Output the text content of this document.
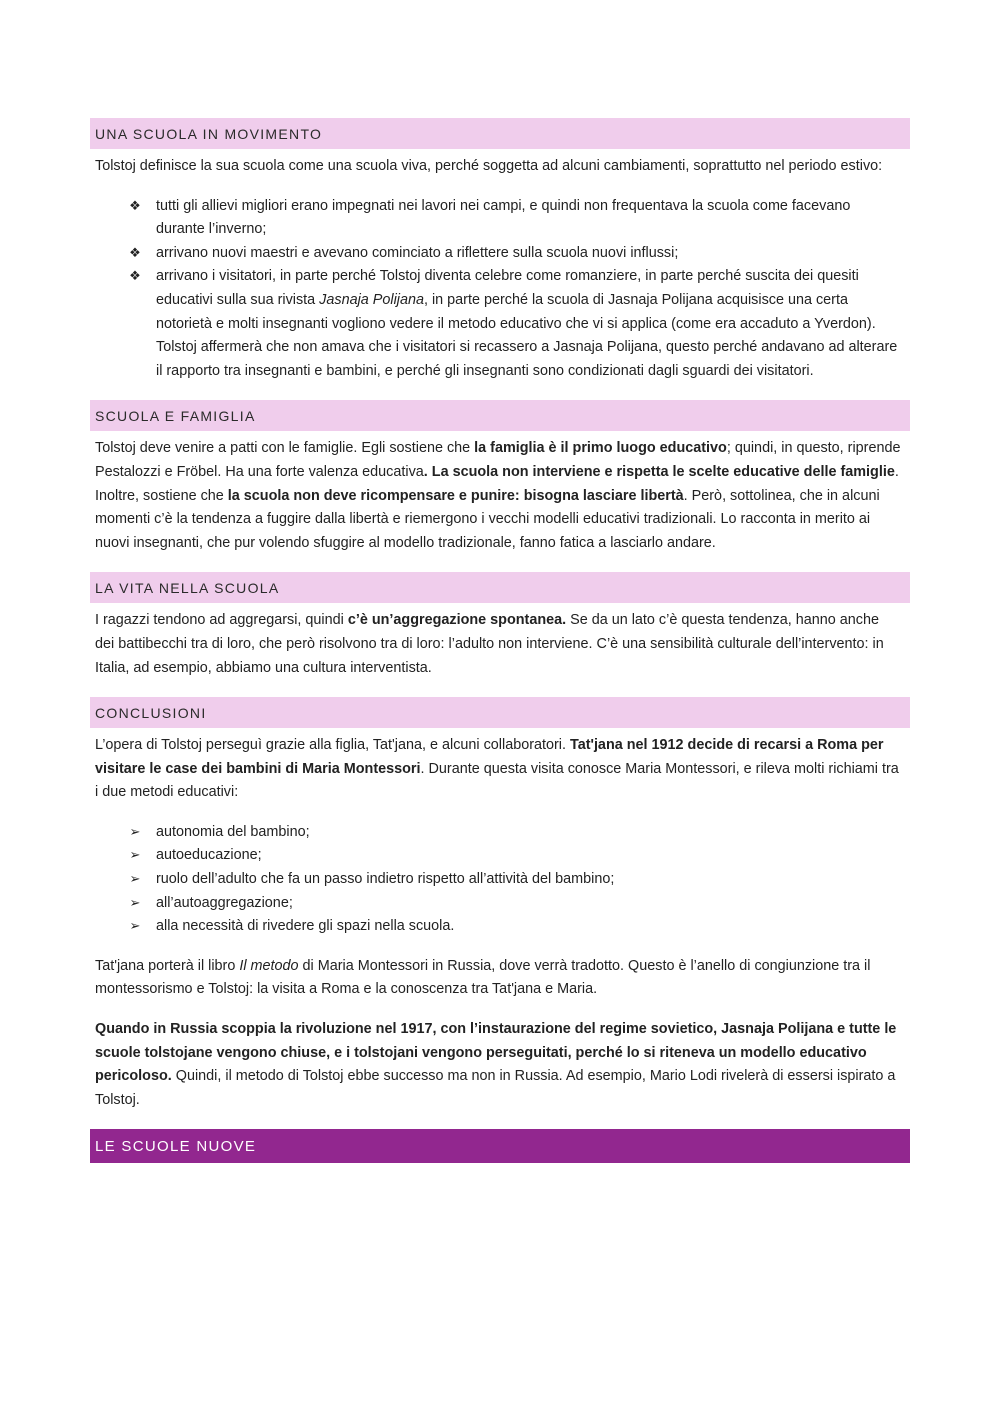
UNA SCUOLA IN MOVIMENTO

Tolstoj definisce la sua scuola come una scuola viva, perché soggetta ad alcuni cambiamenti, soprattutto nel periodo estivo:

❖ tutti gli allievi migliori erano impegnati nei lavori nei campi, e quindi non frequentava la scuola come facevano durante l’inverno;
❖ arrivano nuovi maestri e avevano cominciato a riflettere sulla scuola nuovi influssi;
❖ arrivano i visitatori, in parte perché Tolstoj diventa celebre come romanziere, in parte perché suscita dei quesiti educativi sulla sua rivista Jasnaja Polijana, in parte perché la scuola di Jasnaja Polijana acquisisce una certa notorietà e molti insegnanti vogliono vedere il metodo educativo che vi si applica (come era accaduto a Yverdon). Tolstoj affermerà che non amava che i visitatori si recassero a Jasnaja Polijana, questo perché andavano ad alterare il rapporto tra insegnanti e bambini, e perché gli insegnanti sono condizionati dagli sguardi dei visitatori.
SCUOLA E FAMIGLIA

Tolstoj deve venire a patti con le famiglie. Egli sostiene che la famiglia è il primo luogo educativo; quindi, in questo, riprende Pestalozzi e Fröbel. Ha una forte valenza educativa. La scuola non interviene e rispetta le scelte educative delle famiglie. Inoltre, sostiene che la scuola non deve ricompensare e punire: bisogna lasciare libertà. Però, sottolinea, che in alcuni momenti c’è la tendenza a fuggire dalla libertà e riemergono i vecchi modelli educativi tradizionali. Lo racconta in merito ai nuovi insegnanti, che pur volendo sfuggire al modello tradizionale, fanno fatica a lasciarlo andare.

LA VITA NELLA SCUOLA

I ragazzi tendono ad aggregarsi, quindi c’è un’aggregazione spontanea. Se da un lato c’è questa tendenza, hanno anche dei battibecchi tra di loro, che però risolvono tra di loro: l’adulto non interviene. C’è una sensibilità culturale dell’intervento: in Italia, ad esempio, abbiamo una cultura interventista.

CONCLUSIONI

L’opera di Tolstoj perseguì grazie alla figlia, Tat'jana, e alcuni collaboratori. Tat'jana nel 1912 decide di recarsi a Roma per visitare le case dei bambini di Maria Montessori. Durante questa visita conosce Maria Montessori, e rileva molti richiami tra i due metodi educativi:

➢ autonomia del bambino;
➢ autoeducazione;
➢ ruolo dell’adulto che fa un passo indietro rispetto all’attività del bambino;
➢ all’autoaggregazione;
➢ alla necessità di rivedere gli spazi nella scuola.

Tat'jana porterà il libro Il metodo di Maria Montessori in Russia, dove verrà tradotto. Questo è l’anello di congiunzione tra il montessorismo e Tolstoj: la visita a Roma e la conoscenza tra Tat'jana e Maria.

Quando in Russia scoppia la rivoluzione nel 1917, con l’instaurazione del regime sovietico, Jasnaja Polijana e tutte le scuole tolstojane vengono chiuse, e i tolstojani vengono perseguitati, perché lo si riteneva un modello educativo pericoloso. Quindi, il metodo di Tolstoj ebbe successo ma non in Russia. Ad esempio, Mario Lodi rivelerà di essersi ispirato a Tolstoj.

LE SCUOLE NUOVE
